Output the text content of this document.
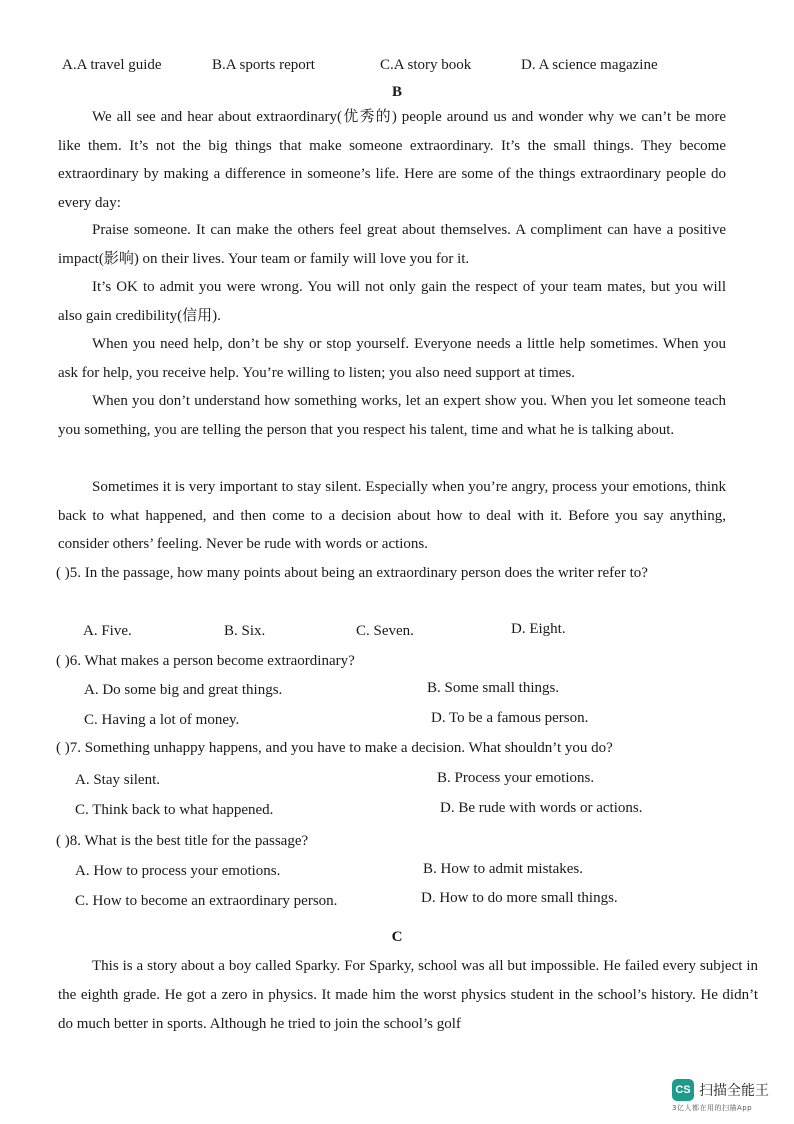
A.A travel guide	B.A sports report	C.A story book	D. A science magazine
B

We all see and hear about extraordinary(优秀的) people around us and wonder why we can’t be more like them. It’s not the big things that make someone extraordinary. It’s the small things. They become extraordinary by making a difference in someone’s life. Here are some of the things extraordinary people do every day:

Praise someone. It can make the others feel great about themselves. A compliment can have a positive impact(影响) on their lives. Your team or family will love you for it.

It’s OK to admit you were wrong. You will not only gain the respect of your team mates, but you will also gain credibility(信用).

When you need help, don’t be shy or stop yourself. Everyone needs a little help sometimes. When you ask for help, you receive help. You’re willing to listen; you also need support at times.

When you don’t understand how something works, let an expert show you. When you let someone teach you something, you are telling the person that you respect his talent, time and what he is talking about.

Sometimes it is very important to stay silent. Especially when you’re angry, process your emotions, think back to what happened, and then come to a decision about how to deal with it. Before you say anything, consider others’ feeling. Never be rude with words or actions.

( )5. In the passage, how many points about being an extraordinary person does the writer refer to?

A. Five.	B. Six.	C. Seven.	D. Eight.

( )6. What makes a person become extraordinary?

A. Do some big and great things.	B. Some small things.
C. Having a lot of money.	D. To be a famous person.

( )7. Something unhappy happens, and you have to make a decision. What shouldn’t you do?

A. Stay silent.	B. Process your emotions.
C. Think back to what happened.	D. Be rude with words or actions.

( )8. What is the best title for the passage?

A. How to process your emotions.	B. How to admit mistakes.
C. How to become an extraordinary person.	D. How to do more small things.
C

This is a story about a boy called Sparky. For Sparky, school was all but impossible. He failed every subject in the eighth grade. He got a zero in physics. It made him the worst physics student in the school’s history. He didn’t do much better in sports. Although he tried to join the school’s golf

CS 扫描全能王
3亿人都在用的扫描App
